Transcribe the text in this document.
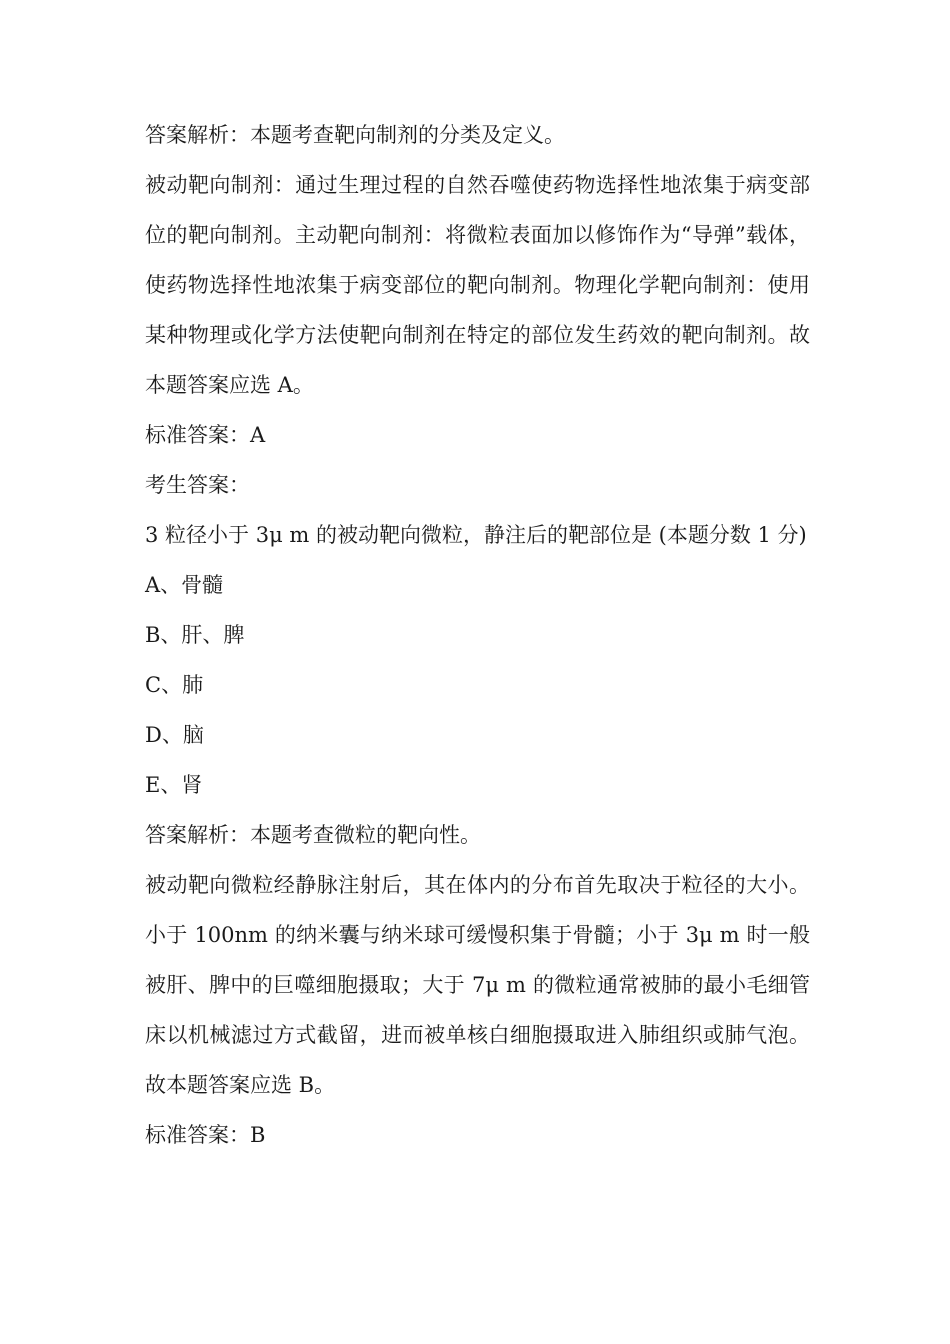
答案解析：本题考查靶向制剂的分类及定义。

被动靶向制剂：通过生理过程的自然吞噬使药物选择性地浓集于病变部位的靶向制剂。主动靶向制剂：将微粒表面加以修饰作为“导弹”载体，使药物选择性地浓集于病变部位的靶向制剂。物理化学靶向制剂：使用某种物理或化学方法使靶向制剂在特定的部位发生药效的靶向制剂。故本题答案应选 A。

标准答案：A

考生答案：

3 粒径小于 3μ m 的被动靶向微粒，静注后的靶部位是 (本题分数 1 分)

A、骨髓

B、肝、脾

C、肺

D、脑

E、肾

答案解析：本题考查微粒的靶向性。

被动靶向微粒经静脉注射后，其在体内的分布首先取决于粒径的大小。小于 100nm 的纳米囊与纳米球可缓慢积集于骨髓；小于 3μ m 时一般被肝、脾中的巨噬细胞摄取；大于 7μ m 的微粒通常被肺的最小毛细管床以机械滤过方式截留，进而被单核白细胞摄取进入肺组织或肺气泡。故本题答案应选 B。

标准答案：B
